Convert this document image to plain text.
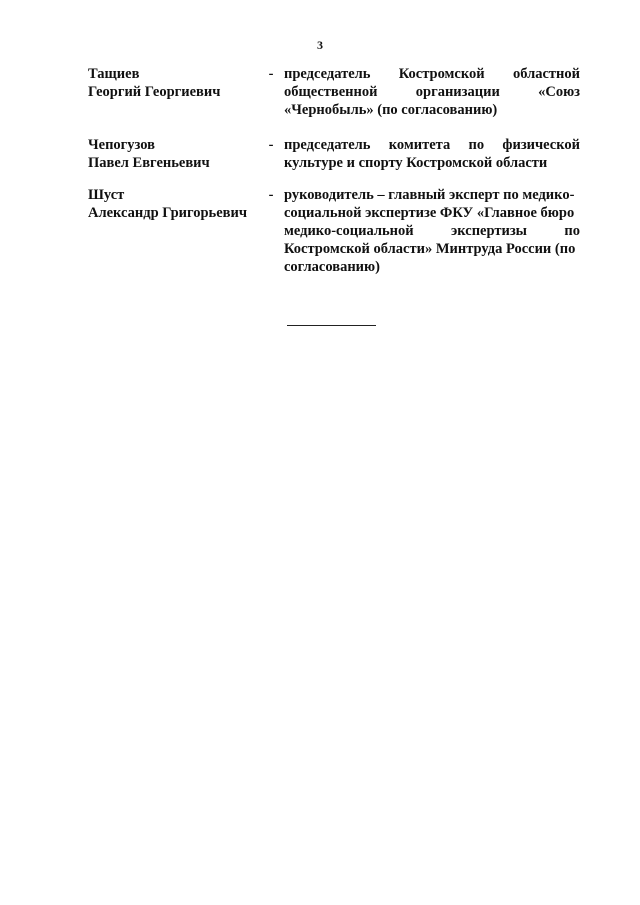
3
Тащиев
Георгий Георгиевич
- председатель Костромской областной
общественной организации «Союз
«Чернобыль» (по согласованию)
Чепогузов
Павел Евгеньевич
- председатель комитета по физической
культуре и спорту Костромской области
Шуст
Александр Григорьевич
- руководитель – главный эксперт по медико-
социальной экспертизе ФКУ «Главное бюро
медико-социальной экспертизы по
Костромской области» Минтруда России (по
согласованию)
